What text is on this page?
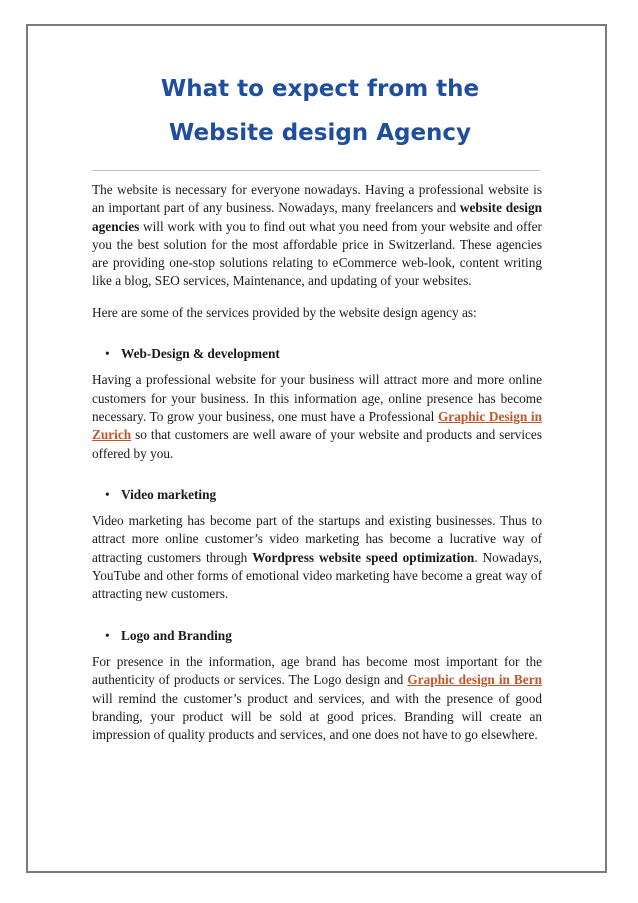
What to expect from the
Website design Agency

The website is necessary for everyone nowadays. Having a professional website is an important part of any business. Nowadays, many freelancers and website design agencies will work with you to find out what you need from your website and offer you the best solution for the most affordable price in Switzerland. These agencies are providing one-stop solutions relating to eCommerce web-look, content writing like a blog, SEO services, Maintenance, and updating of your websites.

Here are some of the services provided by the website design agency as:

• Web-Design & development

Having a professional website for your business will attract more and more online customers for your business. In this information age, online presence has become necessary. To grow your business, one must have a Professional Graphic Design in Zurich so that customers are well aware of your website and products and services offered by you.

• Video marketing

Video marketing has become part of the startups and existing businesses. Thus to attract more online customer’s video marketing has become a lucrative way of attracting customers through Wordpress website speed optimization. Nowadays, YouTube and other forms of emotional video marketing have become a great way of attracting new customers.

• Logo and Branding

For presence in the information, age brand has become most important for the authenticity of products or services. The Logo design and Graphic design in Bern will remind the customer’s product and services, and with the presence of good branding, your product will be sold at good prices. Branding will create an impression of quality products and services, and one does not have to go elsewhere.
